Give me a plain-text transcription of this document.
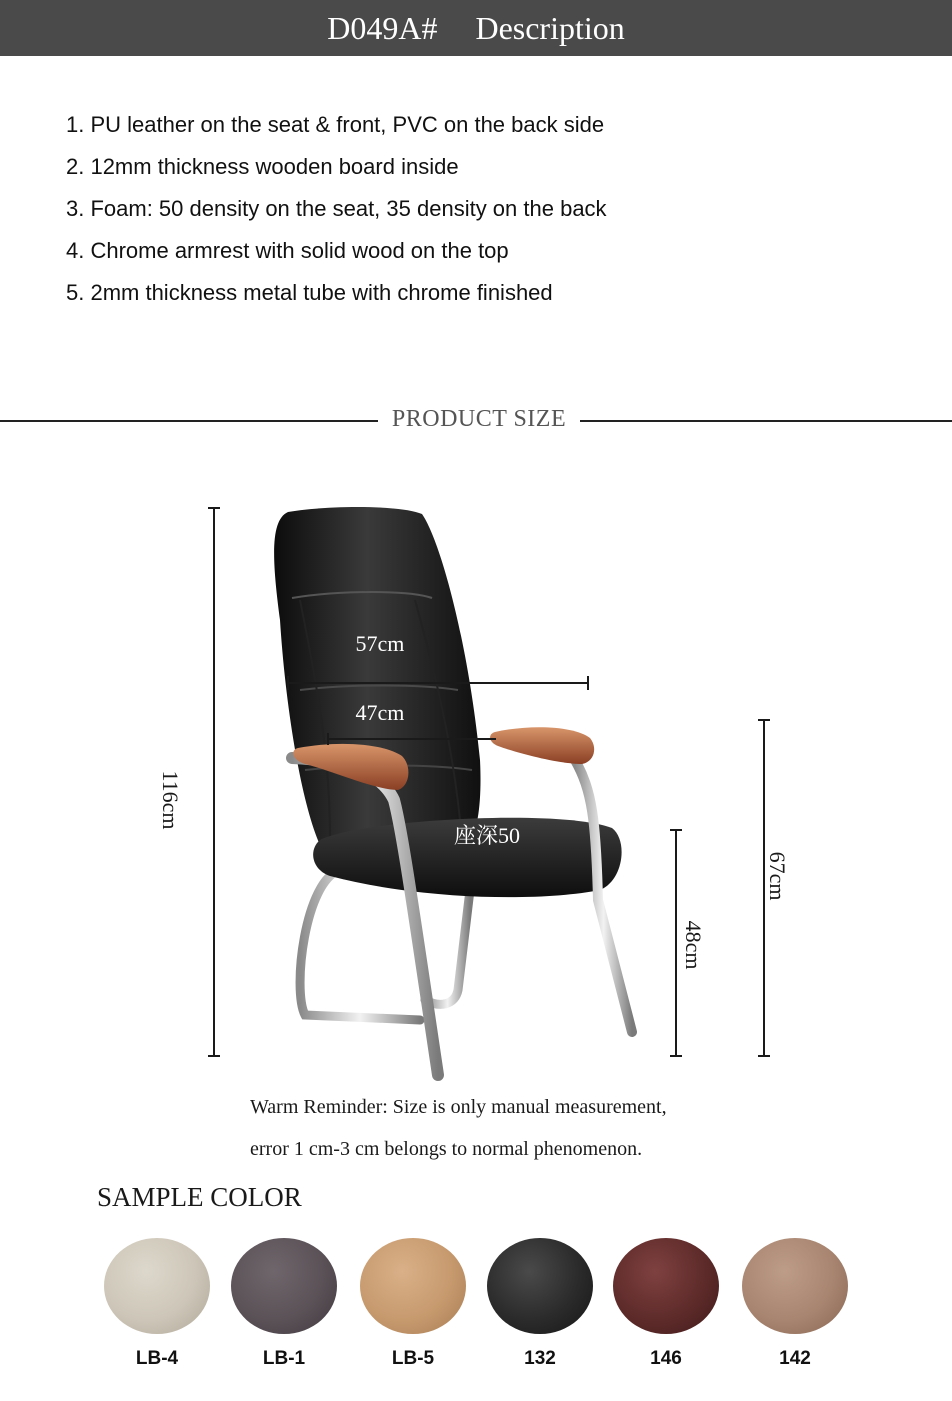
D049A# Description
1. PU leather on the seat & front, PVC on the back side
2. 12mm thickness wooden board inside
3. Foam: 50 density on the seat, 35 density on the back
4. Chrome armrest with solid wood on the top
5. 2mm thickness metal tube with chrome finished
PRODUCT SIZE
116cm
57cm
47cm
座深50
48cm
67cm
Warm Reminder: Size is only manual measurement,
error 1 cm-3 cm belongs to normal phenomenon.
SAMPLE COLOR
LB-4	LB-1	LB-5	132	146	142
